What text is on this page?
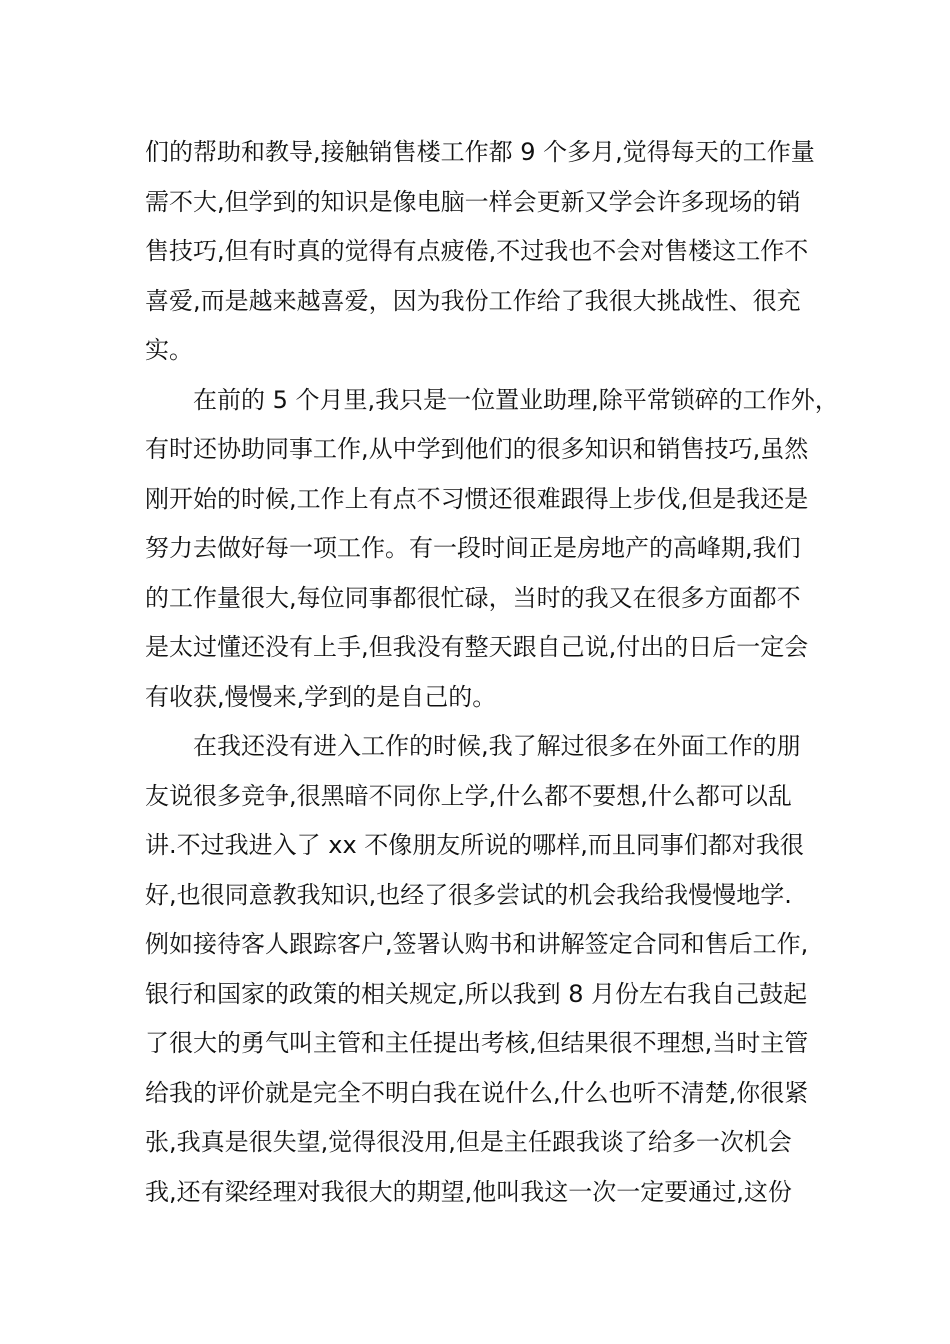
们的帮助和教导,接触销售楼工作都 9 个多月,觉得每天的工作量
需不大,但学到的知识是像电脑一样会更新又学会许多现场的销
售技巧,但有时真的觉得有点疲倦,不过我也不会对售楼这工作不
喜爱,而是越来越喜爱，因为我份工作给了我很大挑战性、很充
实。
在前的 5 个月里,我只是一位置业助理,除平常锁碎的工作外，
有时还协助同事工作,从中学到他们的很多知识和销售技巧,虽然
刚开始的时候,工作上有点不习惯还很难跟得上步伐,但是我还是
努力去做好每一项工作。有一段时间正是房地产的高峰期,我们
的工作量很大,每位同事都很忙碌，当时的我又在很多方面都不
是太过懂还没有上手,但我没有整天跟自己说,付出的日后一定会
有收获,慢慢来,学到的是自己的。
在我还没有进入工作的时候,我了解过很多在外面工作的朋
友说很多竞争,很黑暗不同你上学,什么都不要想,什么都可以乱
讲.不过我进入了 xx 不像朋友所说的哪样,而且同事们都对我很
好,也很同意教我知识,也经了很多尝试的机会我给我慢慢地学.
例如接待客人跟踪客户,签署认购书和讲解签定合同和售后工作,
银行和国家的政策的相关规定,所以我到 8 月份左右我自己鼓起
了很大的勇气叫主管和主任提出考核,但结果很不理想,当时主管
给我的评价就是完全不明白我在说什么,什么也听不清楚,你很紧
张,我真是很失望,觉得很没用,但是主任跟我谈了给多一次机会
我,还有梁经理对我很大的期望,他叫我这一次一定要通过,这份
